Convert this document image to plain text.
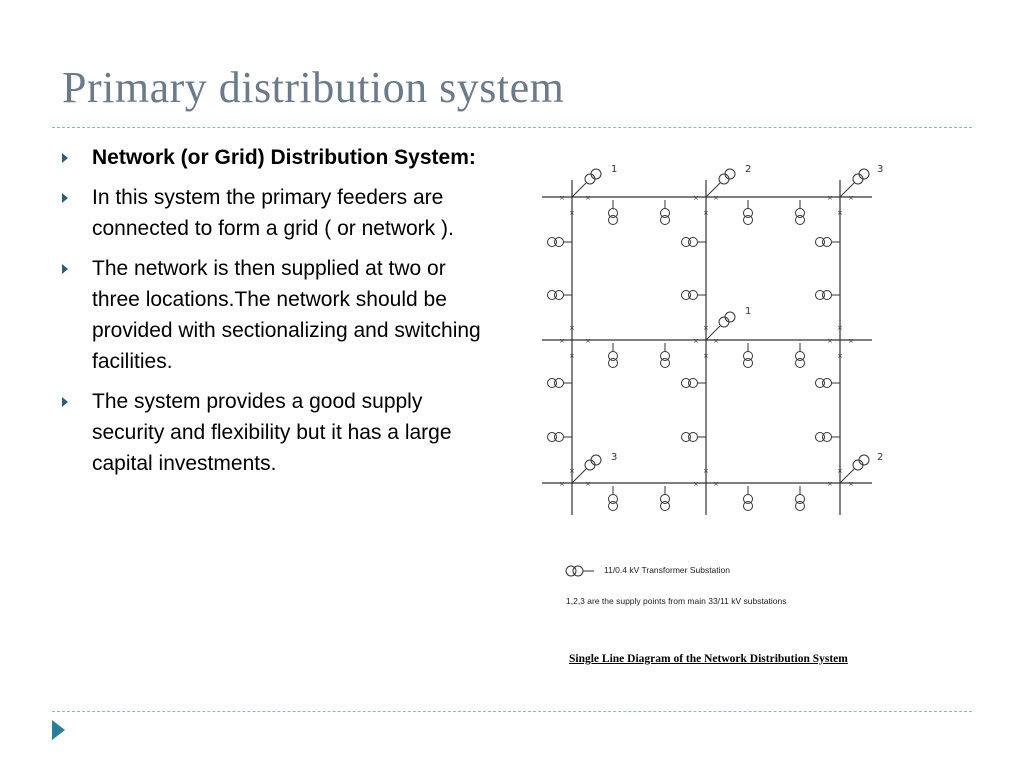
Primary distribution system
Network (or Grid) Distribution System:
In this system the primary feeders are connected to form a grid ( or network ).
The network is then supplied at two or three locations.The network should be provided with sectionalizing and switching facilities.
The system provides a good supply security and flexibility but it has a large capital investments.
×	×	× ×	× ×
×	×	× ×	× ×
×	×	× ×	× ×
×
×
×
×
×
×
×
×
×
×
×
×
1	2	3
1
3	2
11/0.4 kV Transformer Substation
1,2,3 are the supply points from main 33/11 kV substations
Single Line Diagram of the Network Distribution System
